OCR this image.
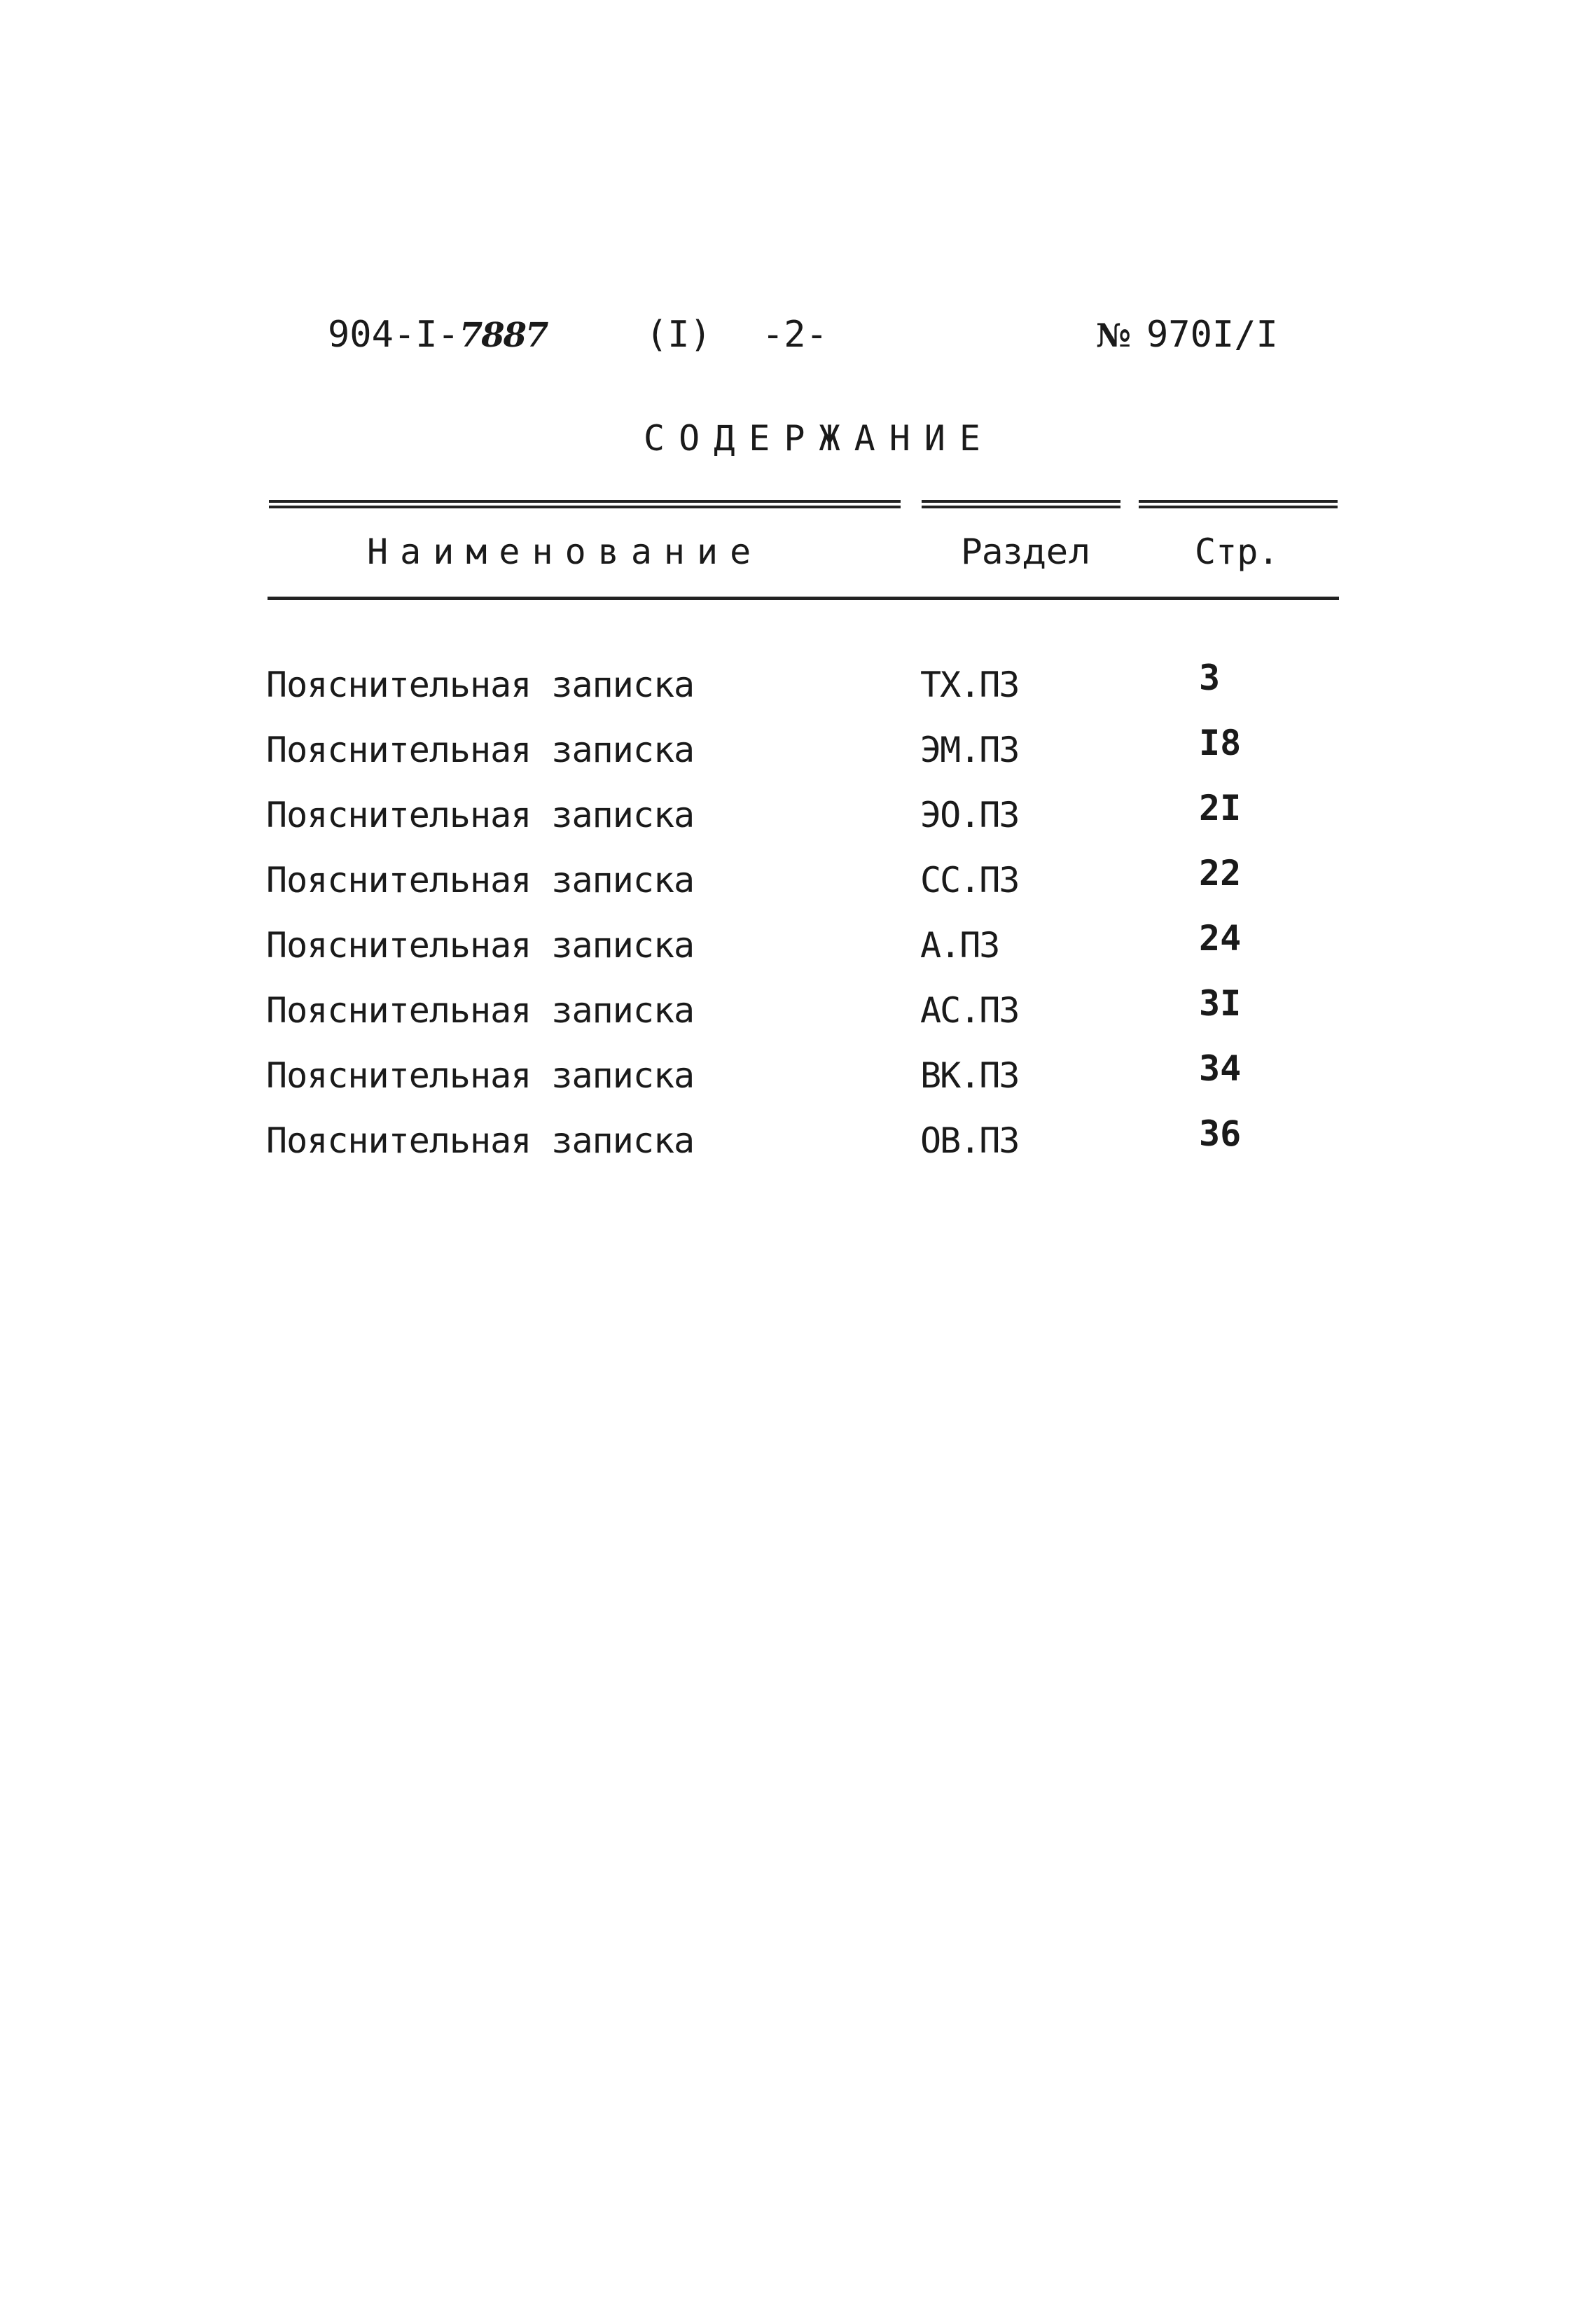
904-I-7887	(I) -2-	№ 970I/I
СОДЕРЖАНИЕ
Наименование	Раздел	Стр.
Пояснительная записка	ТХ.ПЗ	3
Пояснительная записка	ЭМ.ПЗ	I8
Пояснительная записка	ЭО.ПЗ	2I
Пояснительная записка	СС.ПЗ	22
Пояснительная записка	А.ПЗ	24
Пояснительная записка	АС.ПЗ	3I
Пояснительная записка	ВК.ПЗ	34
Пояснительная записка	ОВ.ПЗ	36
